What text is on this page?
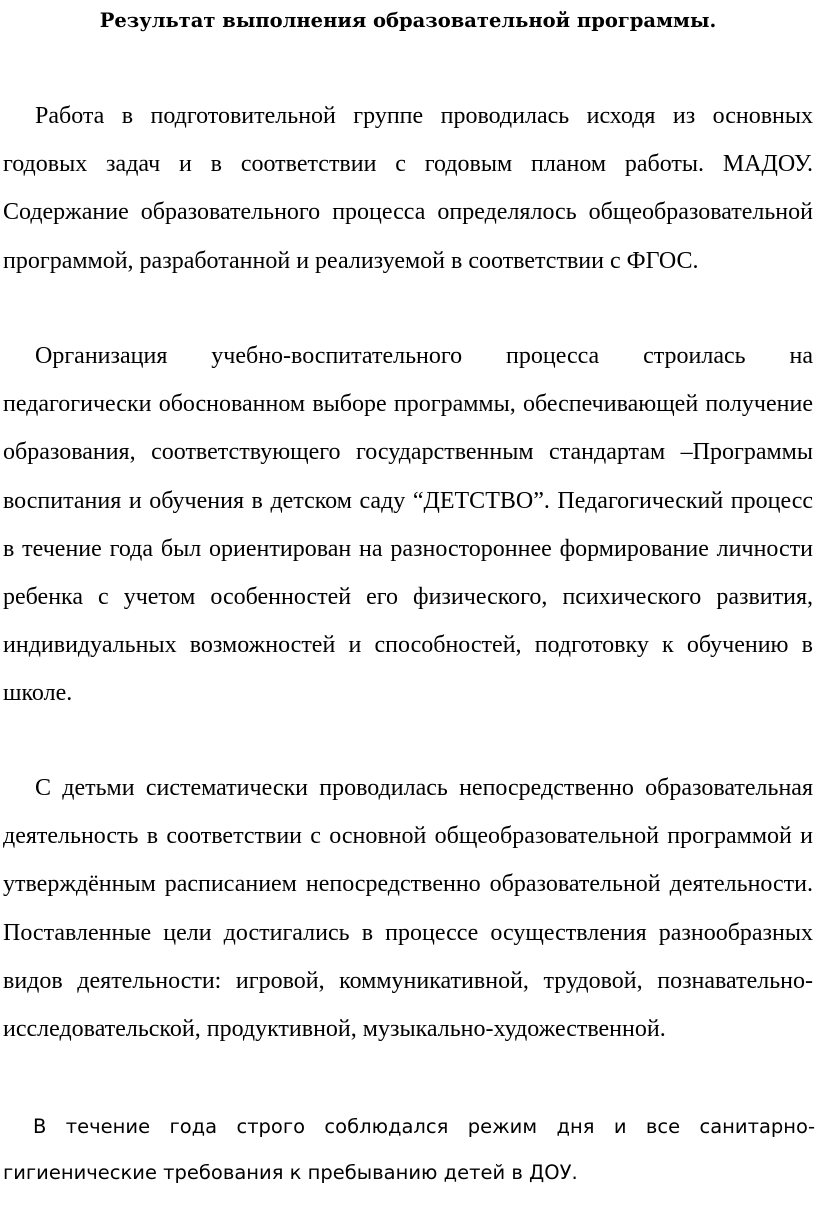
Результат выполнения образовательной программы.

Работа в подготовительной группе проводилась исходя из основных годовых задач и в соответствии с годовым планом работы. МАДОУ. Содержание образовательного процесса определялось общеобразовательной программой, разработанной и реализуемой в соответствии с ФГОС.

Организация учебно-воспитательного процесса строилась на педагогически обоснованном выборе программы, обеспечивающей получение образования, соответствующего государственным стандартам –Программы воспитания и обучения в детском саду “ДЕТСТВО”. Педагогический процесс в течение года был ориентирован на разностороннее формирование личности ребенка с учетом особенностей его физического, психического развития, индивидуальных возможностей и способностей, подготовку к обучению в школе.

С детьми систематически проводилась непосредственно образовательная деятельность в соответствии с основной общеобразовательной программой и утверждённым расписанием непосредственно образовательной деятельности. Поставленные цели достигались в процессе осуществления разнообразных видов деятельности: игровой, коммуникативной, трудовой, познавательно-исследовательской, продуктивной, музыкально-художественной.

В течение года строго соблюдался режим дня и все санитарно-гигиенические требования к пребыванию детей в ДОУ.
